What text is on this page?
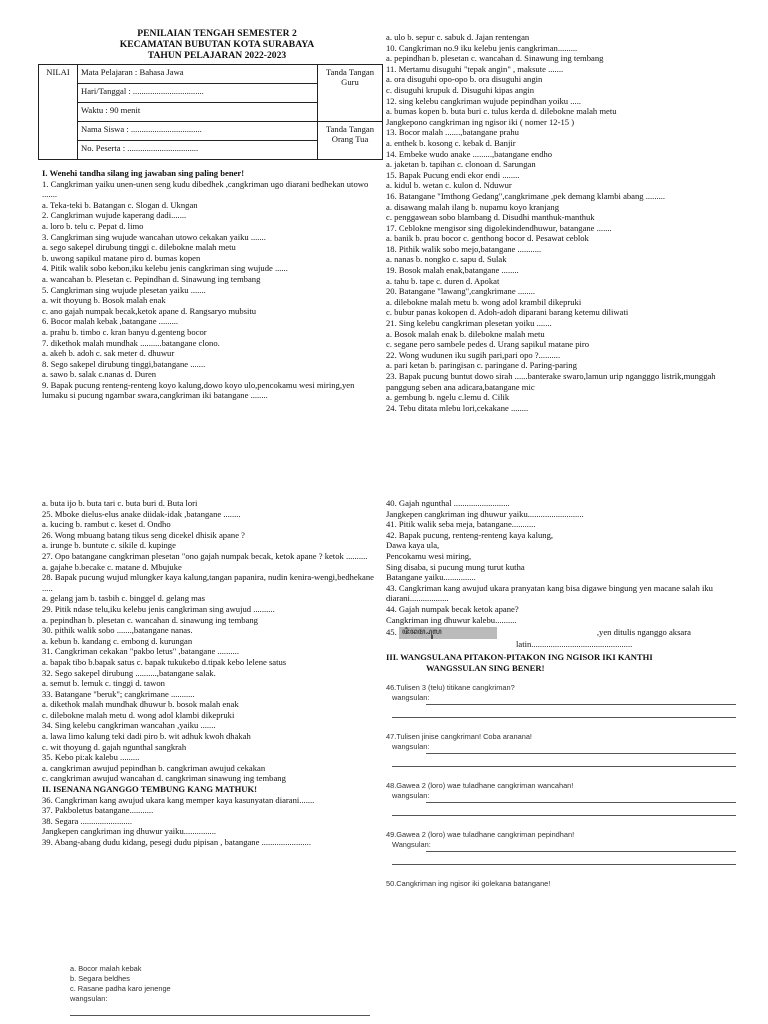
PENILAIAN TENGAH SEMESTER 2
KECAMATAN BUBUTAN KOTA SURABAYA
TAHUN PELAJARAN 2022-2023
NILAI	Mata Pelajaran : Bahasa Jawa	Tanda Tangan Guru
	Hari/Tanggal : .................................	
	Waktu : 90 menit	
	Nama Siswa : .................................	Tanda Tangan Orang Tua
	No. Peserta : .................................	
I. Wenehi tandha silang ing jawaban sing paling bener!
1. Cangkriman yaiku unen-unen seng kudu dibedhek ,cangkriman ugo diarani bedhekan utowo .......
a. Teka-teki b. Batangan c. Slogan d. Ukngan
2. Cangkriman wujude kaperang dadi.......
a. loro b. telu c. Pepat d. limo
3. Cangkriman sing wujude wancahan utowo cekakan yaiku .......
a. sego sakepel dirubung tinggi c. dilebokne malah metu
b. uwong sapikul matane piro d. bumas kopen
4. Pitik walik sobo kebon,iku kelebu jenis cangkriman sing wujude ......
a. wancahan b. Plesetan c. Pepindhan d. Sinawung ing tembang
5. Cangkriman sing wujude plesetan yaiku .......
a. wit thoyung b. Bosok malah enak
c. ano gajah numpak becak,ketok apane d. Rangsaryo mubsitu
6. Bocor malah kebak ,batangane .........
a. prahu b. timbo c. kran banyu d.genteng bocor
7. dikethok malah mundhak ..........batangane clono.
a. akeh b. adoh c. sak meter d. dhuwur
8. Sego sakepel dirubung tinggi,batangane .......
a. sawo b. salak c.nanas d. Duren
9. Bapak pucung renteng-renteng koyo kalung,dowo koyo ulo,pencokamu wesi miring,yen lumaku si pucung ngambar swara,cangkriman iki batangane ........
a. ulo b. sepur c. sabuk d. Jajan rentengan
10. Cangkriman no.9 iku kelebu jenis cangkriman.........
a. pepindhan b. plesetan c. wancahan d. Sinawung ing tembang
11. Mertamu disuguhi "tepak angin" , maksute .......
a. ora disuguhi opo-opo b. ora disuguhi angin
c. disuguhi krupuk d. Disuguhi kipas angin
12. sing kelebu cangkriman wujude pepindhan yoiku .....
a. bumas kopen b. buta buri c. tulus kerda d. dilebokne malah metu
Jangkepono cangkriman ing ngisor iki ( nomer 12-15 )
13. Bocor malah .......,batangane prahu
a. enthek b. kosong c. kebak d. Banjir
14. Embeke wudo anake .........,batangane endho
a. jaketan b. tapihan c. clonoan d. Sarungan
15. Bapak Pucung endi ekor endi ........
a. kidul b. wetan c. kulon d. Nduwur
16. Batangane "Imthong Gedang",cangkrimane ,pek demang klambi abang .........
a. disawang malah ilang b. nupamu koyo kranjang
c. penggawean sobo blambang d. Disudhi manthuk-manthuk
17. Ceblokne mengisor sing digolekindendhuwur, batangane .......
a. banik b. prau bocor c. genthong bocor d. Pesawat ceblok
18. Pithik walik sobo mejo,batangane ...........
a. nanas b. nongko c. sapu d. Sulak
19. Bosok malah enak,batangane ........
a. tahu b. tape c. duren d. Apokat
20. Batangane "lawang",cangkrimane ........
a. dilebokne malah metu b. wong adol krambil dikepruki
c. bubur panas kokopen d. Adoh-adoh diparani barang ketemu diliwati
21. Sing kelebu cangkriman plesetan yoiku .......
a. Bosok malah enak b. dilebokne malah metu
c. segane pero sambele pedes d. Urang sapikul matane piro
22. Wong wudunen iku sugih pari,pari opo ?..........
a. pari ketan b. paringisan c. paringane d. Paring-paring
23. Bapak pucung buntut dowo sirah ......banterake swaro,lamun urip ngangggo listrik,munggah panggung seben ana adicara,batangane mic
a. gembung b. ngelu c.lemu d. Cilik
24. Tebu ditata mlebu lori,cekakane ........
a. buta ijo b. buta tari c. buta buri d. Buta lori
25. Mboke dielus-elus anake diidak-idak ,batangane ........
a. kucing b. rambut c. keset d. Ondho
26. Wong mbuang batang tikus seng dicekel dhisik apane ?
a. irunge b. buntute c. sikile d. kupinge
27. Opo batangane cangkriman plesetan "ono gajah numpak becak, ketok apane ? ketok ..........
a. gajahe b.becake c. matane d. Mbujuke
28. Bapak pucung wujud mlungker kaya kalung,tangan papanira, nudin kenira-wengi,bedhekane .....
a. gelang jam b. tasbih c. binggel d. gelang mas
29. Pitik ndase telu,iku kelebu jenis cangkriman sing awujud ..........
a. pepindhan b. plesetan c. wancahan d. sinawung ing tembang
30. pithik walik sobo .......,batangane nanas.
a. kebun b. kandang c. embong d. kurungan
31. Cangkriman cekakan "pakbo letus" ,batangane ..........
a. bapak tibo b.bapak satus c. bapak tukukebo d.tipak kebo lelene satus
32. Sego sakepel dirubung ..........,batangane salak.
a. semut b. lemuk c. tinggi d. tawon
33. Batangane "beruk"; cangkrimane ...........
a. dikethok malah mundhak dhuwur b. bosok malah enak
c. dilebokne malah metu d. wong adol klambi dikepruki
34. Sing kelebu cangkriman wancahan ,yaiku .......
a. lawa limo kalung teki dadi piro b. wit adhuk kwoh dhakah
c. wit thoyung d. gajah ngunthal sangkrah
35. Kebo pi:ak kalebu .........
a. cangkriman awujud pepindhan b. cangkriman awujud cekakan
c. cangkriman awujud wancahan d. cangkriman sinawung ing tembang
II. ISENANA NGANGGO TEMBUNG KANG MATHUK!
36. Cangkriman kang awujud ukara kang memper kaya kasunyatan diarani.......
37. Pakboletus batangane...........
38. Segara ........................
Jangkepen cangkriman ing dhuwur yaiku...............
39. Abang-abang dudu kidang, pesegi dudu pipisan , batangane .......................
40. Gajah ngunthal ..........................
Jangkepen cangkriman ing dhuwur yaiku..........................
41. Pitik walik seba meja, batangane...........
42. Bapak pucung, renteng-renteng kaya kalung,
Dawa kaya ula,
Pencokamu wesi miring,
Sing disaba, si pucung mung turut kutha
Batangane yaiku...............
43. Cangkriman kang awujud ukara pranyatan kang bisa digawe bingung yen macane salah iku diarani..................
44. Gajah numpak becak ketok apane?
Cangkriman ing dhuwur kalebu..........
45. ꦗꦶꦤꦩ꧀ꦥꦸꦭ	,yen ditulis nganggo aksara
latin...............................................
III. WANGSULANA PITAKON-PITAKON ING NGISOR IKI KANTHI
WANGSSULAN SING BENER!
46.Tulisen 3 (telu) titikane cangkriman?
wangsulan:
47.Tulisen jinise cangkriman! Coba aranana!
wangsulan:
48.Gawea 2 (loro) wae tuladhane cangkriman wancahan!
wangsulan:
49.Gawea 2 (loro) wae tuladhane cangkriman pepindhan!
Wangsulan:
50.Cangkriman ing ngisor iki golekana batangane!
a. Bocor malah kebak
b. Segara beldhes
c. Rasane padha karo jenenge
wangsulan:
